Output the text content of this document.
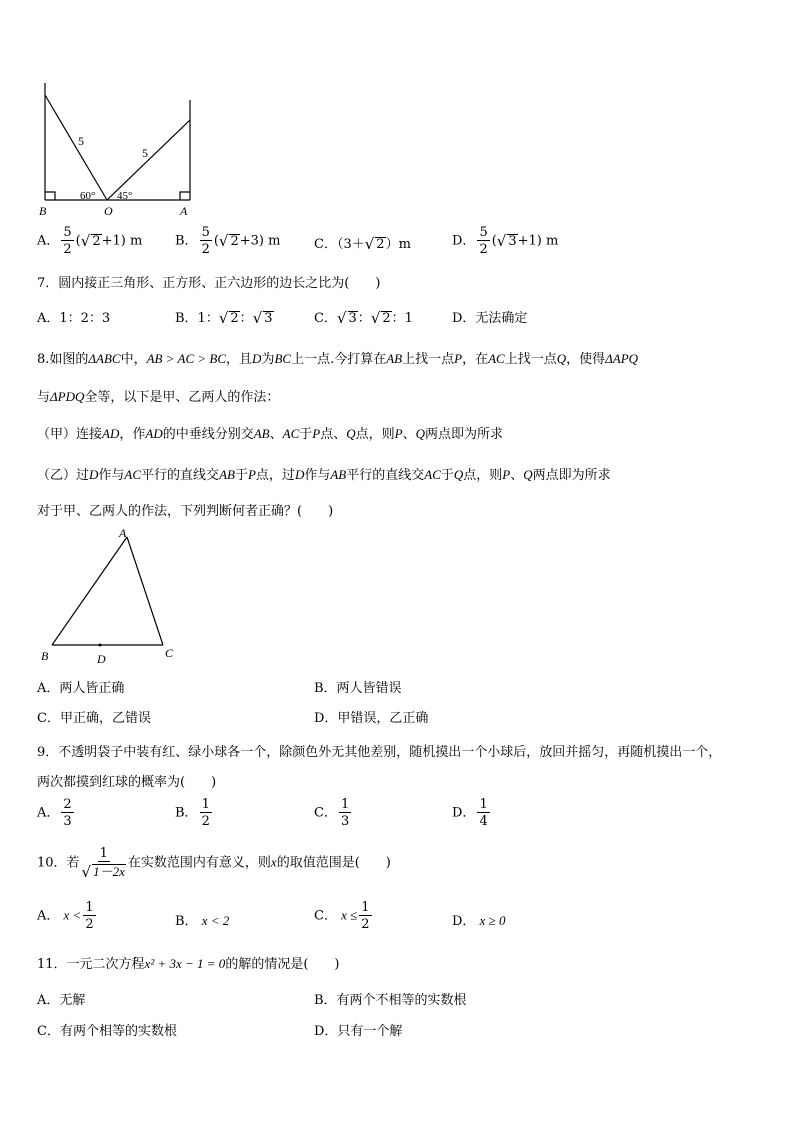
5
5
60° 45°
B	O	A
A． $\frac{5}{2}$ (√ 2+1) m	B． $\frac{5}{2}$ (√ 2+3) m	C．（3＋√ 2）m	D． $\frac{5}{2}$ (√ 3+1) m
7．圆内接正三角形、正方形、正六边形的边长之比为(　　)
A．1：2：3	B．1：√ 2：√ 3	C．√ 3：√ 2：1	D．无法确定
8.如图的ΔABC中，AB > AC > BC，且D为BC上一点.今打算在AB上找一点P，在AC上找一点Q，使得ΔAPQ
与ΔPDQ全等，以下是甲、乙两人的作法：
（甲）连接AD，作AD的中垂线分别交AB、AC于P点、Q点，则P、Q两点即为所求
（乙）过D作与AC平行的直线交AB于P点，过D作与AB平行的直线交AC于Q点，则P、Q两点即为所求
对于甲、乙两人的作法，下列判断何者正确？(　　)
A
B	D	C
A．两人皆正确	B．两人皆错误
C．甲正确，乙错误	D．甲错误，乙正确
9．不透明袋子中装有红、绿小球各一个，除颜色外无其他差别，随机摸出一个小球后，放回并摇匀，再随机摸出一个，
两次都摸到红球的概率为(　　)
A． $\frac{2}{3}$	B． $\frac{1}{2}$	C． $\frac{1}{3}$	D． $\frac{1}{4}$
10．若 $\frac{1}{√ 1-2x}$ 在实数范围内有意义，则x的取值范围是(　　)
A． $x < \frac{1}{2}$	B． x < 2	C． $x \le \frac{1}{2}$	D． x ≥ 0
11．一元二次方程x² + 3x − 1 = 0的解的情况是(　　)
A．无解	B．有两个不相等的实数根
C．有两个相等的实数根	D．只有一个解
